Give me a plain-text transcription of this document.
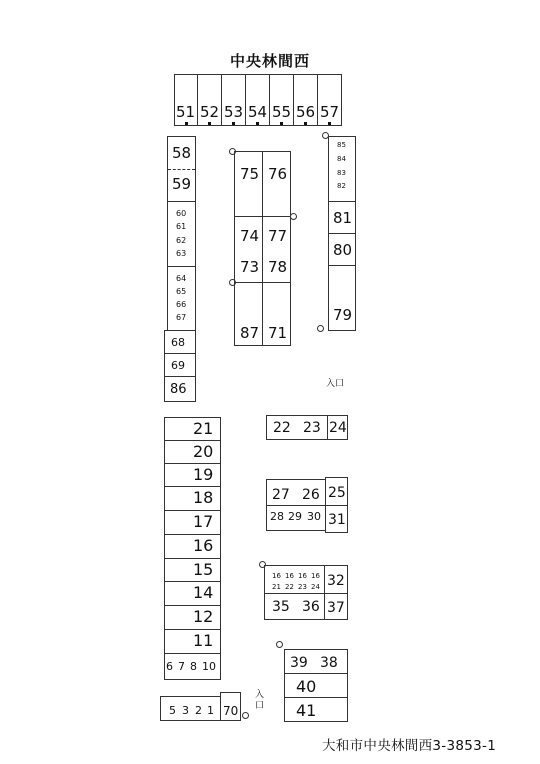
中央林間西
51 52 53 54 55 56 57
58
59
60
61
62
63
64
65
66
67
68
69
86
75 76
74 77
73 78
87 71
85
84
83
82
81
80
79
入口
21
20
19
18
17
16
15
14
12
11
6 7 8 10
5 3 2 1 70
入
口
22 23 24
27 26 25
28 29 30 31
16 16 16 16
21 22 23 24 32
35 36 37
39 38
40
41
大和市中央林間西3-3853-1
